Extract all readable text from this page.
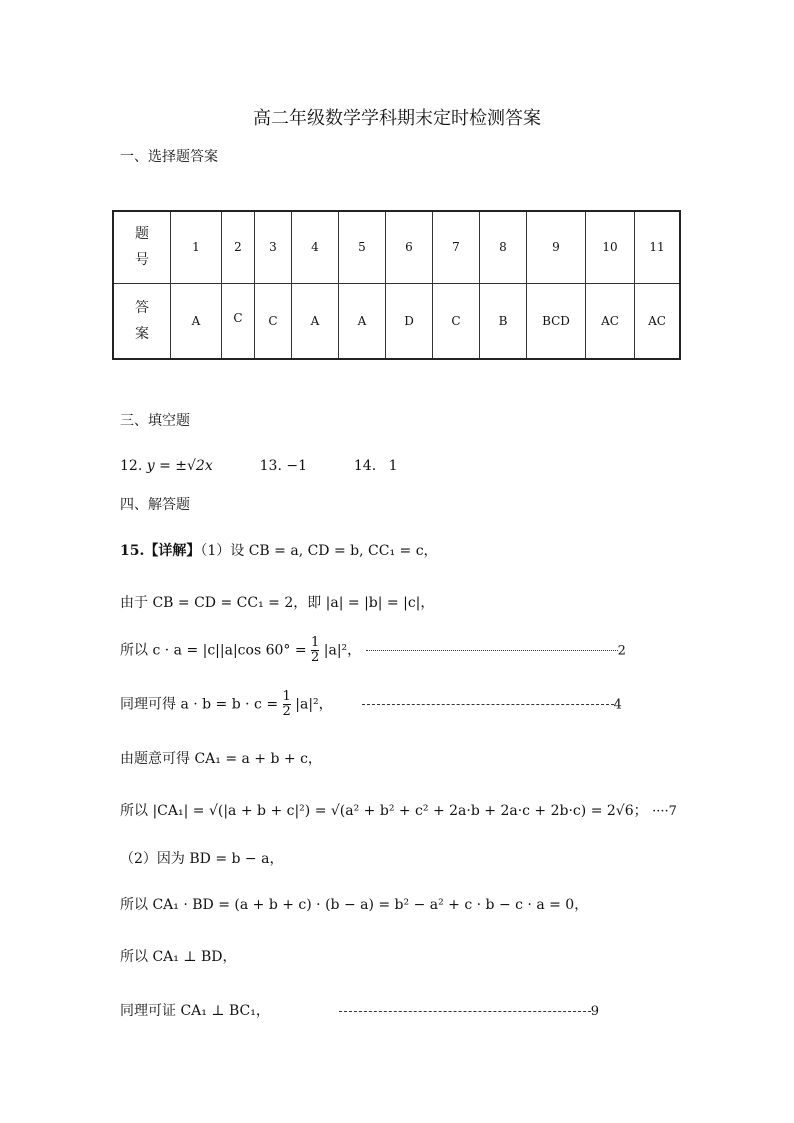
高二年级数学学科期末定时检测答案
一、选择题答案
题
号	1	2	3	4	5	6	7	8	9	10	11

答
案	A	C	C	A	A	D	C	B	BCD	AC	AC
三、填空题
12. y = ±√2x	13. −1	14. 1
四、解答题
15.【详解】（1）设 CB = a, CD = b, CC₁ = c，
由于 CB = CD = CC₁ = 2，即 |a| = |b| = |c|，
所以 c · a = |c||a|cos $60^\circ = \frac{1}{2} |a|^2$，	2
同理可得 $a \cdot b = b \cdot c = \frac{1}{2} |a|^2$，	4
由题意可得 CA₁ = a + b + c，
所以 |CA₁| = √(|a + b + c|²) = √(a² + b² + c² + 2a·b + 2a·c + 2b·c) = 2√6； ····7
（2）因为 BD = b − a，
所以 CA₁ · BD = (a + b + c) · (b − a) = b² − a² + c · b − c · a = 0，
所以 CA₁ ⊥ BD，
同理可证 CA₁ ⊥ BC₁，	9
